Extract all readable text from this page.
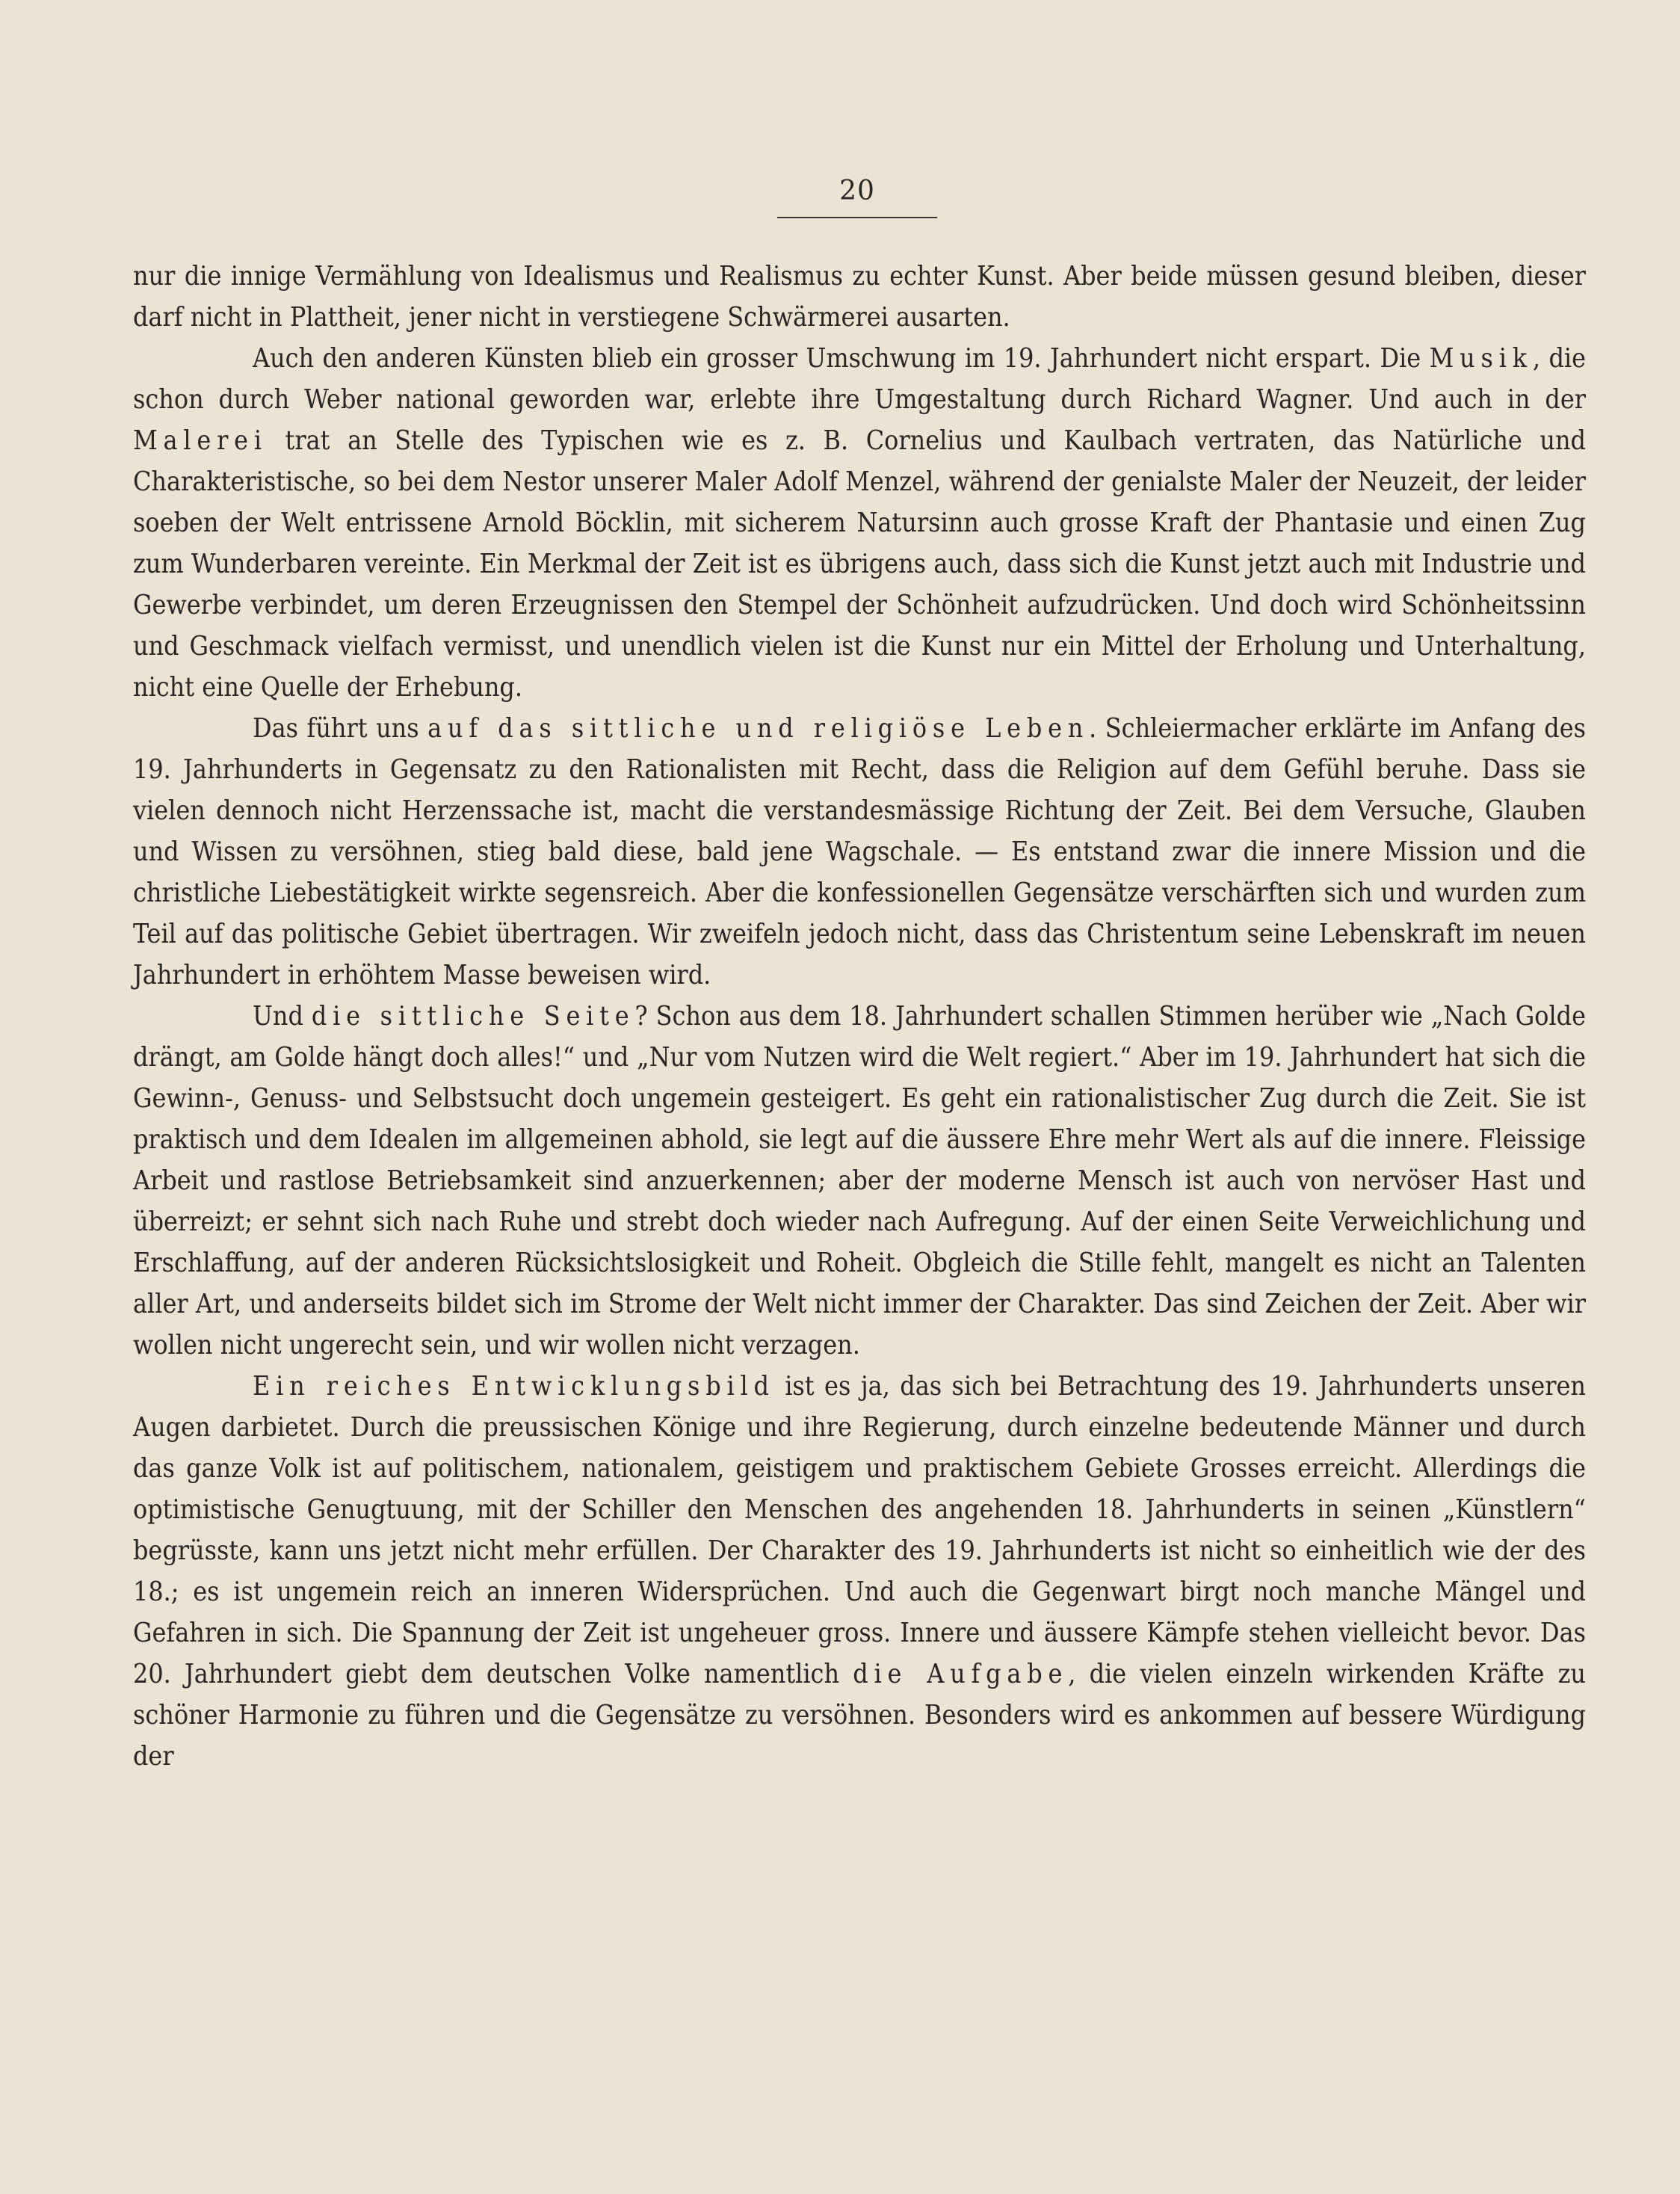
20

nur die innige Vermählung von Idealismus und Realismus zu echter Kunst. Aber beide müssen gesund bleiben, dieser darf nicht in Plattheit, jener nicht in verstiegene Schwärmerei ausarten.

Auch den anderen Künsten blieb ein grosser Umschwung im 19. Jahrhundert nicht erspart. Die Musik, die schon durch Weber national geworden war, erlebte ihre Umgestaltung durch Richard Wagner. Und auch in der Malerei trat an Stelle des Typischen wie es z. B. Cornelius und Kaulbach vertraten, das Natürliche und Charakteristische, so bei dem Nestor unserer Maler Adolf Menzel, während der genialste Maler der Neuzeit, der leider soeben der Welt entrissene Arnold Böcklin, mit sicherem Natursinn auch grosse Kraft der Phantasie und einen Zug zum Wunderbaren vereinte. Ein Merkmal der Zeit ist es übrigens auch, dass sich die Kunst jetzt auch mit Industrie und Gewerbe verbindet, um deren Erzeugnissen den Stempel der Schönheit aufzudrücken. Und doch wird Schönheitssinn und Geschmack vielfach vermisst, und unendlich vielen ist die Kunst nur ein Mittel der Erholung und Unterhaltung, nicht eine Quelle der Erhebung.

Das führt uns auf das sittliche und religiöse Leben. Schleiermacher erklärte im Anfang des 19. Jahrhunderts in Gegensatz zu den Rationalisten mit Recht, dass die Religion auf dem Gefühl beruhe. Dass sie vielen dennoch nicht Herzenssache ist, macht die verstandesmässige Richtung der Zeit. Bei dem Versuche, Glauben und Wissen zu versöhnen, stieg bald diese, bald jene Wagschale. — Es entstand zwar die innere Mission und die christliche Liebestätigkeit wirkte segensreich. Aber die konfessionellen Gegensätze verschärften sich und wurden zum Teil auf das politische Gebiet übertragen. Wir zweifeln jedoch nicht, dass das Christentum seine Lebenskraft im neuen Jahrhundert in erhöhtem Masse beweisen wird.

Und die sittliche Seite? Schon aus dem 18. Jahrhundert schallen Stimmen herüber wie „Nach Golde drängt, am Golde hängt doch alles!“ und „Nur vom Nutzen wird die Welt regiert.“ Aber im 19. Jahrhundert hat sich die Gewinn-, Genuss- und Selbstsucht doch ungemein gesteigert. Es geht ein rationalistischer Zug durch die Zeit. Sie ist praktisch und dem Idealen im allgemeinen abhold, sie legt auf die äussere Ehre mehr Wert als auf die innere. Fleissige Arbeit und rastlose Betriebsamkeit sind anzuerkennen; aber der moderne Mensch ist auch von nervöser Hast und überreizt; er sehnt sich nach Ruhe und strebt doch wieder nach Aufregung. Auf der einen Seite Verweichlichung und Erschlaffung, auf der anderen Rücksichtslosigkeit und Roheit. Obgleich die Stille fehlt, mangelt es nicht an Talenten aller Art, und anderseits bildet sich im Strome der Welt nicht immer der Charakter. Das sind Zeichen der Zeit. Aber wir wollen nicht ungerecht sein, und wir wollen nicht verzagen.

Ein reiches Entwicklungsbild ist es ja, das sich bei Betrachtung des 19. Jahrhunderts unseren Augen darbietet. Durch die preussischen Könige und ihre Regierung, durch einzelne bedeutende Männer und durch das ganze Volk ist auf politischem, nationalem, geistigem und praktischem Gebiete Grosses erreicht. Allerdings die optimistische Genugtuung, mit der Schiller den Menschen des angehenden 18. Jahrhunderts in seinen „Künstlern“ begrüsste, kann uns jetzt nicht mehr erfüllen. Der Charakter des 19. Jahrhunderts ist nicht so einheitlich wie der des 18.; es ist ungemein reich an inneren Widersprüchen. Und auch die Gegenwart birgt noch manche Mängel und Gefahren in sich. Die Spannung der Zeit ist ungeheuer gross. Innere und äussere Kämpfe stehen vielleicht bevor. Das 20. Jahrhundert giebt dem deutschen Volke namentlich die Aufgabe, die vielen einzeln wirkenden Kräfte zu schöner Harmonie zu führen und die Gegensätze zu versöhnen. Besonders wird es ankommen auf bessere Würdigung der
